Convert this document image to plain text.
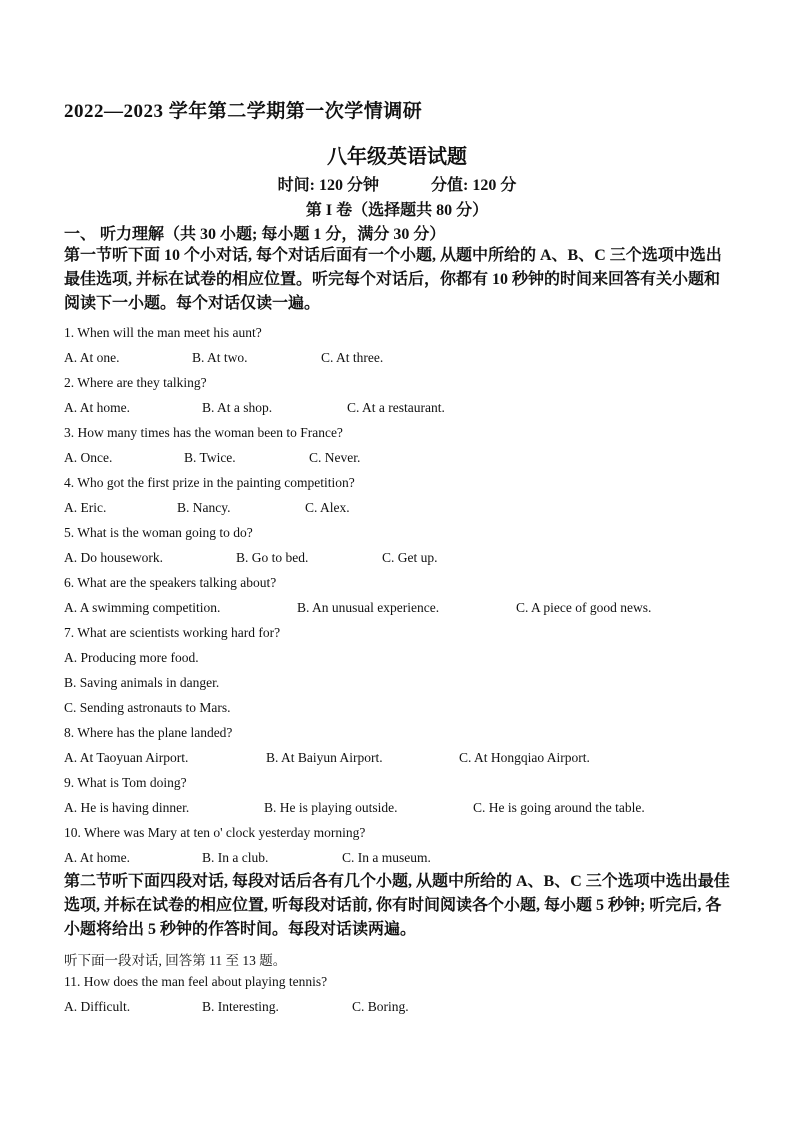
2022—2023 学年第二学期第一次学情调研
八年级英语试题
时间: 120 分钟	分值: 120 分
第 I 卷（选择题共 80 分）
一、 听力理解（共 30 小题; 每小题 1 分，满分 30 分）
第一节听下面 10 个小对话, 每个对话后面有一个小题, 从题中所给的 A、B、C 三个选项中选出最佳选项, 并标在试卷的相应位置。听完每个对话后，你都有 10 秒钟的时间来回答有关小题和阅读下一小题。每个对话仅读一遍。
1. When will the man meet his aunt?
A. At one.	B. At two.	C. At three.
2. Where are they talking?
A. At home.	B. At a shop.	C. At a restaurant.
3. How many times has the woman been to France?
A. Once.	B. Twice.	C. Never.
4. Who got the first prize in the painting competition?
A. Eric.	B. Nancy.	C. Alex.
5. What is the woman going to do?
A. Do housework.	B. Go to bed.	C. Get up.
6. What are the speakers talking about?
A. A swimming competition.	B. An unusual experience.	C. A piece of good news.
7. What are scientists working hard for?
A. Producing more food.
B. Saving animals in danger.
C. Sending astronauts to Mars.
8. Where has the plane landed?
A. At Taoyuan Airport.	B. At Baiyun Airport.	C. At Hongqiao Airport.
9. What is Tom doing?
A. He is having dinner.	B. He is playing outside.	C. He is going around the table.
10. Where was Mary at ten o' clock yesterday morning?
A. At home.	B. In a club.	C. In a museum.
第二节听下面四段对话, 每段对话后各有几个小题, 从题中所给的 A、B、C 三个选项中选出最佳选项, 并标在试卷的相应位置, 听每段对话前, 你有时间阅读各个小题, 每小题 5 秒钟; 听完后, 各小题将给出 5 秒钟的作答时间。每段对话读两遍。
听下面一段对话, 回答第 11 至 13 题。
11. How does the man feel about playing tennis?
A. Difficult.	B. Interesting.	C. Boring.
